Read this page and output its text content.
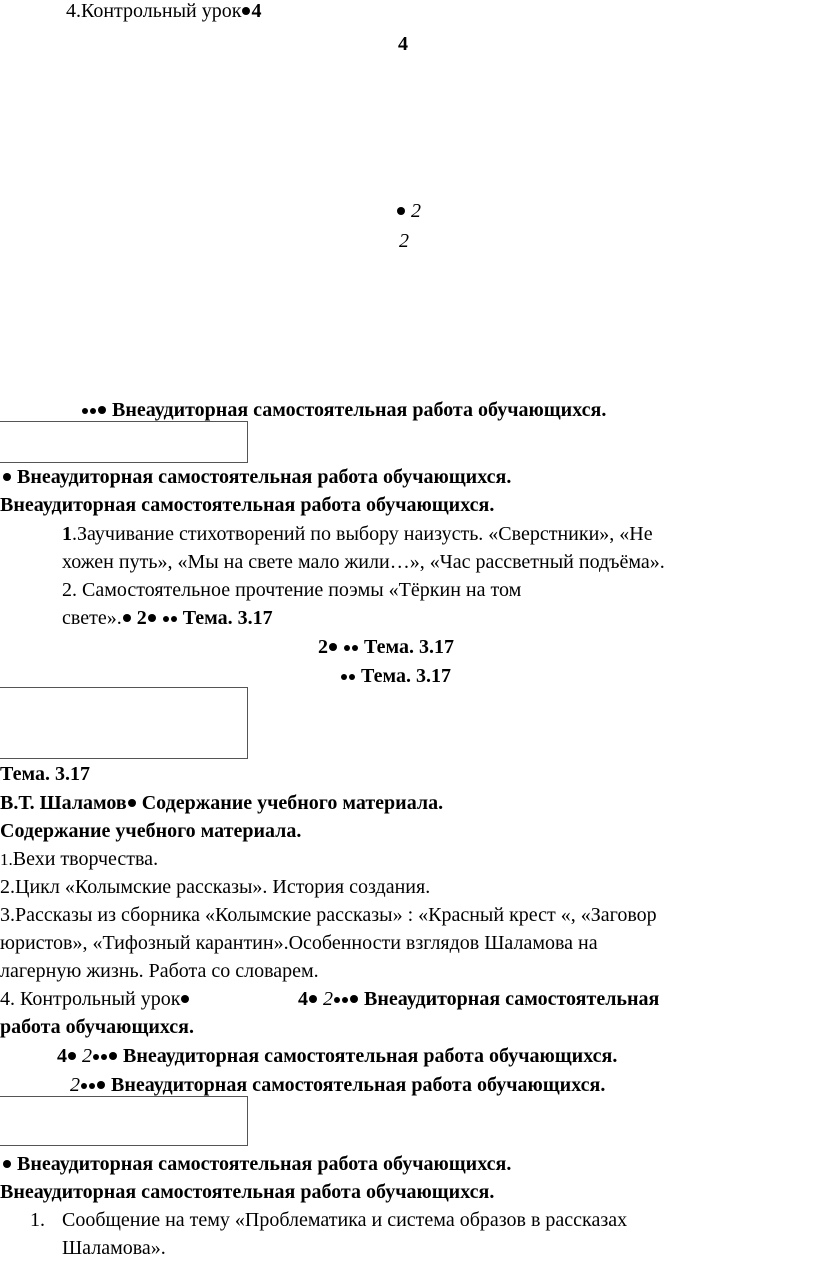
4.Контрольный урок 4
4
2
2
Внеаудиторная самостоятельная работа обучающихся.
Внеаудиторная самостоятельная работа обучающихся.
Внеаудиторная самостоятельная работа обучающихся.
1.Заучивание стихотворений по выбору наизусть. «Сверстники», «Не
хожен путь», «Мы на свете мало жили…», «Час рассветный подъёма».
2. Самостоятельное прочтение поэмы «Тёркин на том
свете». 2 Тема. 3.17
2 Тема. 3.17
Тема. 3.17
Тема. 3.17
В.Т. Шаламов Содержание учебного материала.
Содержание учебного материала.
1.Вехи творчества.
2.Цикл «Колымские рассказы». История создания.
3.Рассказы из сборника «Колымские рассказы» : «Красный крест «, «Заговор
юристов», «Тифозный карантин».Особенности взглядов Шаламова на
лагерную жизнь. Работа со словарем.
4. Контрольный урок	4 2 Внеаудиторная самостоятельная
работа обучающихся.
4 2 Внеаудиторная самостоятельная работа обучающихся.
2 Внеаудиторная самостоятельная работа обучающихся.
Внеаудиторная самостоятельная работа обучающихся.
Внеаудиторная самостоятельная работа обучающихся.
1. Сообщение на тему «Проблематика и система образов в рассказах
Шаламова».
